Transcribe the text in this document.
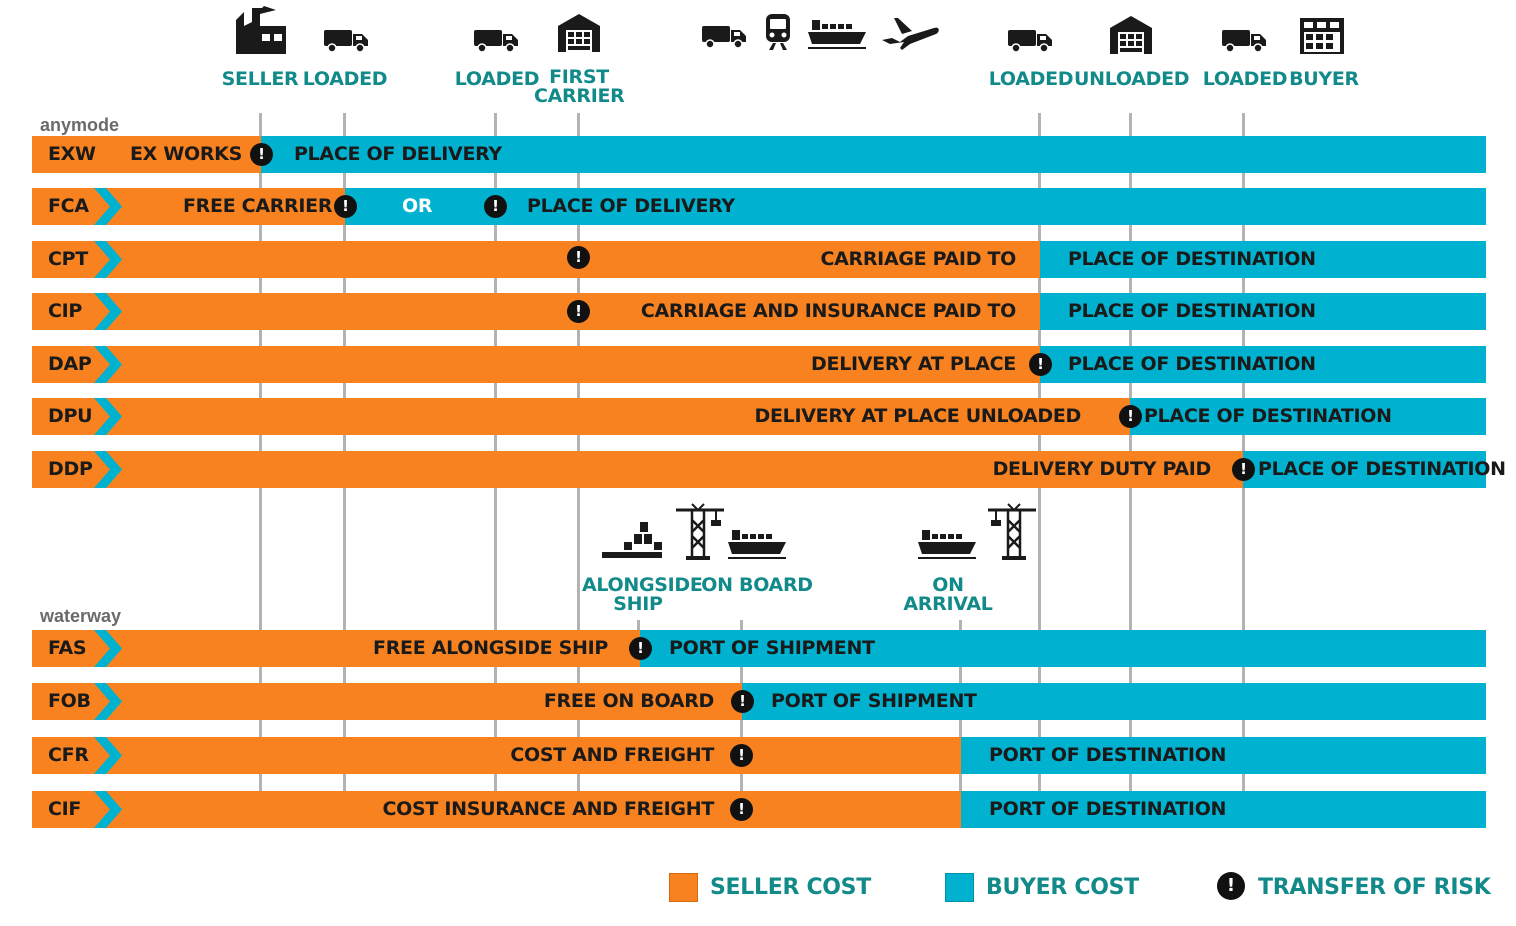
SELLER LOADED	LOADED FIRST CARRIER
LOADED UNLOADED LOADED BUYER
anymode
EXW EX WORKS	!	PLACE OF DELIVERY
FCA	FREE CARRIER !	OR	!	PLACE OF DELIVERY
CPT	!	CARRIAGE PAID TO	PLACE OF DESTINATION
CIP	!	CARRIAGE AND INSURANCE PAID TO	PLACE OF DESTINATION
DAP	DELIVERY AT PLACE	!	PLACE OF DESTINATION
DPU	DELIVERY AT PLACE UNLOADED	! PLACE OF DESTINATION
DDP	DELIVERY DUTY PAID	! PLACE OF DESTINATION
ALONGSIDE SHIP
ON BOARD	ON ARRIVAL
waterway
FAS	FREE ALONGSIDE SHIP	!	PORT OF SHIPMENT
FOB	FREE ON BOARD	!	PORT OF SHIPMENT
CFR	COST AND FREIGHT	!	PORT OF DESTINATION
CIF	COST INSURANCE AND FREIGHT	!	PORT OF DESTINATION
SELLER COST	BUYER COST	!	TRANSFER OF RISK
